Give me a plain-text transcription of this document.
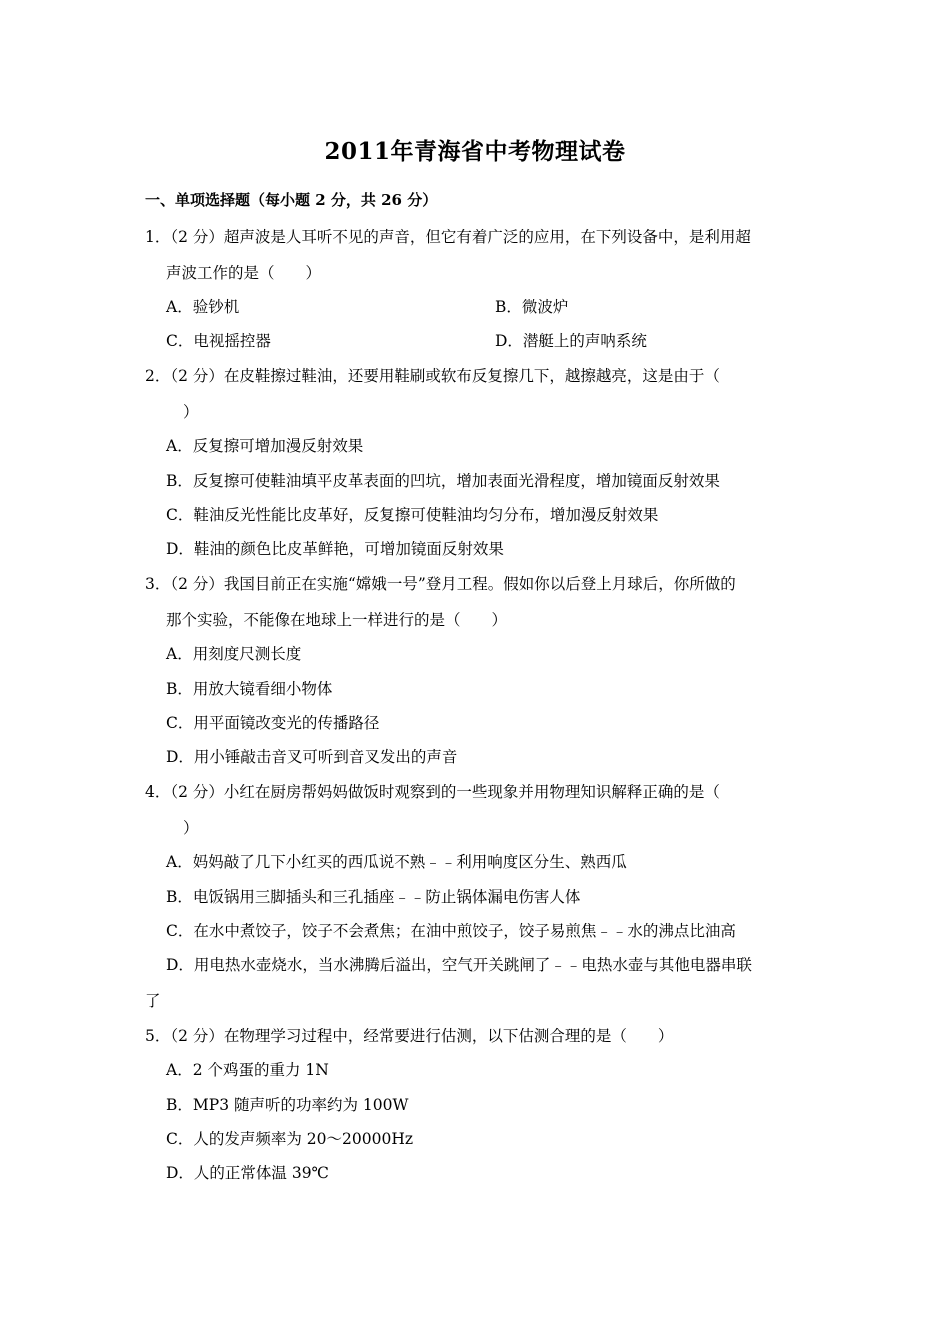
2011年青海省中考物理试卷
一、单项选择题（每小题 2 分，共 26 分）
1．（2 分）超声波是人耳听不见的声音，但它有着广泛的应用，在下列设备中，是利用超
声波工作的是（　　）
A．验钞机	B．微波炉
C．电视摇控器	D．潜艇上的声呐系统
2．（2 分）在皮鞋擦过鞋油，还要用鞋刷或软布反复擦几下，越擦越亮，这是由于（
）
A．反复擦可增加漫反射效果
B．反复擦可使鞋油填平皮革表面的凹坑，增加表面光滑程度，增加镜面反射效果
C．鞋油反光性能比皮革好，反复擦可使鞋油均匀分布，增加漫反射效果
D．鞋油的颜色比皮革鲜艳，可增加镜面反射效果
3．（2 分）我国目前正在实施“嫦娥一号”登月工程。假如你以后登上月球后，你所做的
那个实验，不能像在地球上一样进行的是（　　）
A．用刻度尺测长度
B．用放大镜看细小物体
C．用平面镜改变光的传播路径
D．用小锤敲击音叉可听到音叉发出的声音
4．（2 分）小红在厨房帮妈妈做饭时观察到的一些现象并用物理知识解释正确的是（
）
A．妈妈敲了几下小红买的西瓜说不熟﹣﹣利用响度区分生、熟西瓜
B．电饭锅用三脚插头和三孔插座﹣﹣防止锅体漏电伤害人体
C．在水中煮饺子，饺子不会煮焦；在油中煎饺子，饺子易煎焦﹣﹣水的沸点比油高
D．用电热水壶烧水，当水沸腾后溢出，空气开关跳闸了﹣﹣电热水壶与其他电器串联
了
5．（2 分）在物理学习过程中，经常要进行估测，以下估测合理的是（　　）
A．2 个鸡蛋的重力 1N
B．MP3 随声听的功率约为 100W
C．人的发声频率为 20～20000Hz
D．人的正常体温 39℃
